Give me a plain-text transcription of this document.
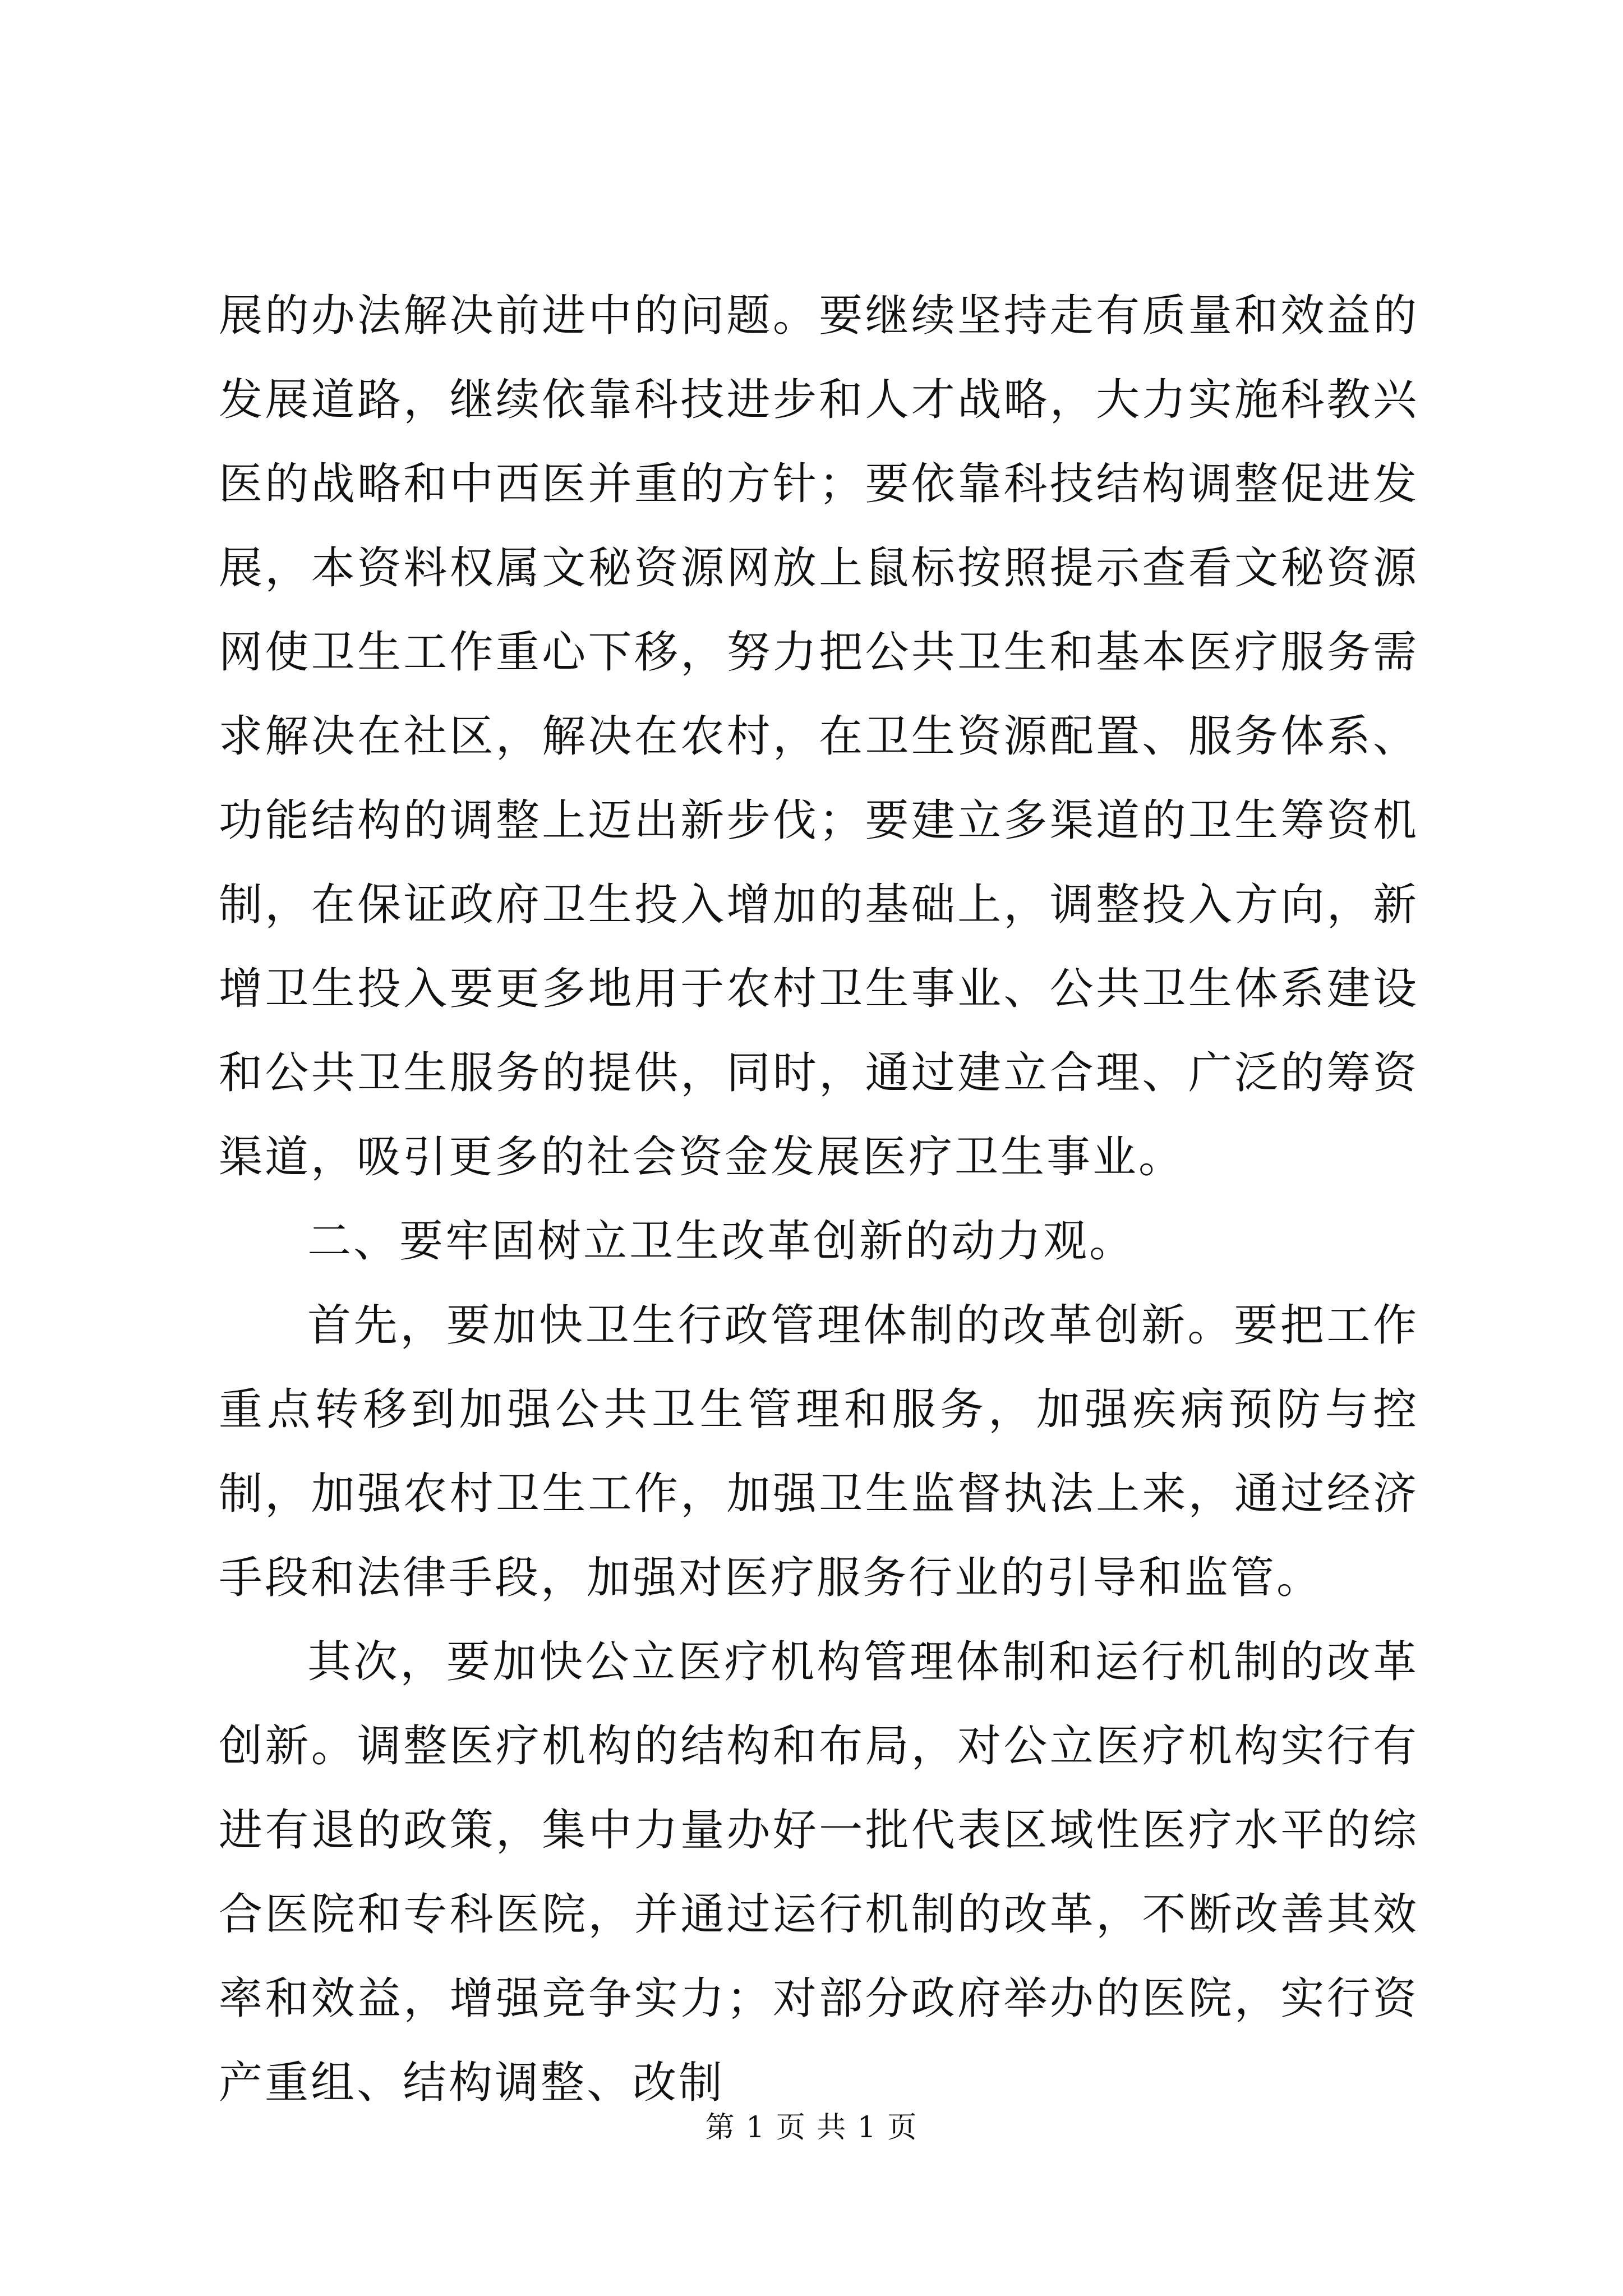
展的办法解决前进中的问题。要继续坚持走有质量和效益的发展道路，继续依靠科技进步和人才战略，大力实施科教兴医的战略和中西医并重的方针；要依靠科技结构调整促进发展，本资料权属文秘资源网放上鼠标按照提示查看文秘资源网使卫生工作重心下移，努力把公共卫生和基本医疗服务需求解决在社区，解决在农村，在卫生资源配置、服务体系、功能结构的调整上迈出新步伐；要建立多渠道的卫生筹资机制，在保证政府卫生投入增加的基础上，调整投入方向，新增卫生投入要更多地用于农村卫生事业、公共卫生体系建设和公共卫生服务的提供，同时，通过建立合理、广泛的筹资渠道，吸引更多的社会资金发展医疗卫生事业。

二、要牢固树立卫生改革创新的动力观。

首先，要加快卫生行政管理体制的改革创新。要把工作重点转移到加强公共卫生管理和服务，加强疾病预防与控制，加强农村卫生工作，加强卫生监督执法上来，通过经济手段和法律手段，加强对医疗服务行业的引导和监管。

其次，要加快公立医疗机构管理体制和运行机制的改革创新。调整医疗机构的结构和布局，对公立医疗机构实行有进有退的政策，集中力量办好一批代表区域性医疗水平的综合医院和专科医院，并通过运行机制的改革，不断改善其效率和效益，增强竞争实力；对部分政府举办的医院，实行资产重组、结构调整、改制

第 1 页 共 1 页
